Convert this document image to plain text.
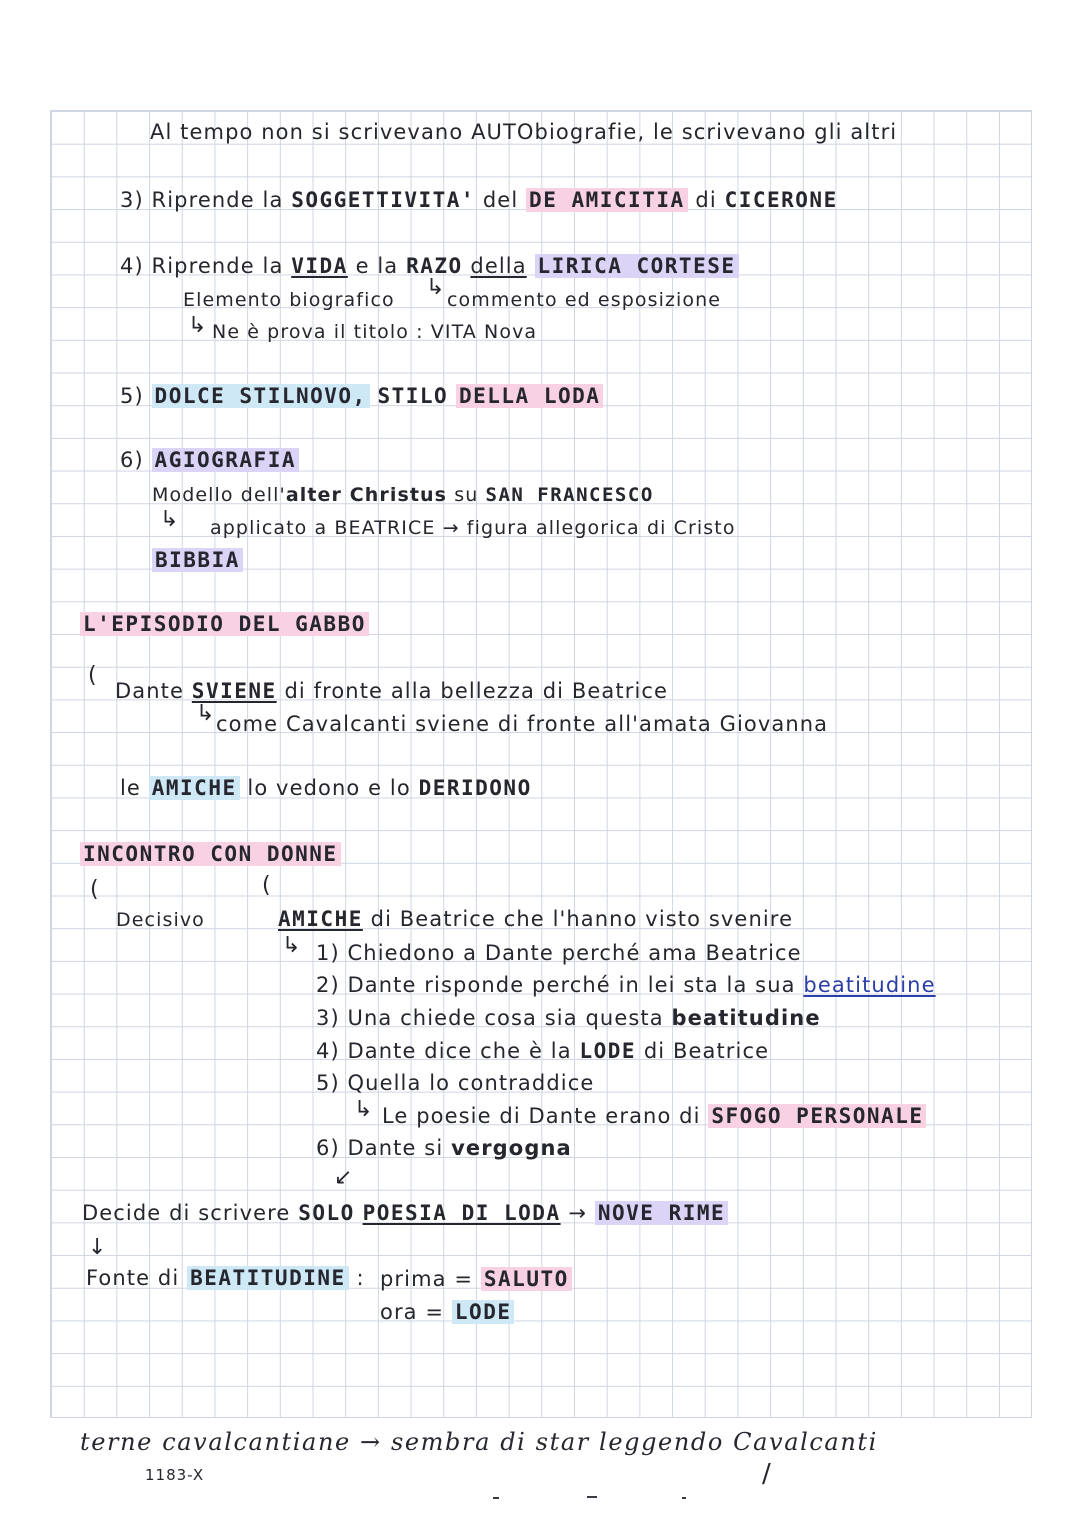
Al tempo non si scrivevano AUTObiografie, le scrivevano gli altri
3) Riprende la SOGGETTIVITA' del DE AMICITIA di CICERONE
4) Riprende la VIDA e la RAZO della LIRICA CORTESE
Elemento biografico ↳ commento ed esposizione
↳ Ne è prova il titolo : VITA Nova
5) DOLCE STILNOVO, STILO DELLA LODA
6) AGIOGRAFIA
Modello dell'alter Christus su SAN FRANCESCO
↳ applicato a BEATRICE → figura allegorica di Cristo
BIBBIA
L'EPISODIO DEL GABBO
(
Dante SVIENE di fronte alla bellezza di Beatrice
↳ come Cavalcanti sviene di fronte all'amata Giovanna
le AMICHE lo vedono e lo DERIDONO
INCONTRO CON DONNE
(	(
Decisivo	AMICHE di Beatrice che l'hanno visto svenire
↳ 1) Chiedono a Dante perché ama Beatrice
2) Dante risponde perché in lei sta la sua beatitudine
3) Una chiede cosa sia questa beatitudine
4) Dante dice che è la LODE di Beatrice
5) Quella lo contraddice
↳ Le poesie di Dante erano di SFOGO PERSONALE
6) Dante si vergogna
↙
Decide di scrivere SOLO POESIA DI LODA → NOVE RIME
↓
Fonte di BEATITUDINE : prima = SALUTO
ora = LODE
terne cavalcantiane → sembra di star leggendo Cavalcanti
/
1183-X
